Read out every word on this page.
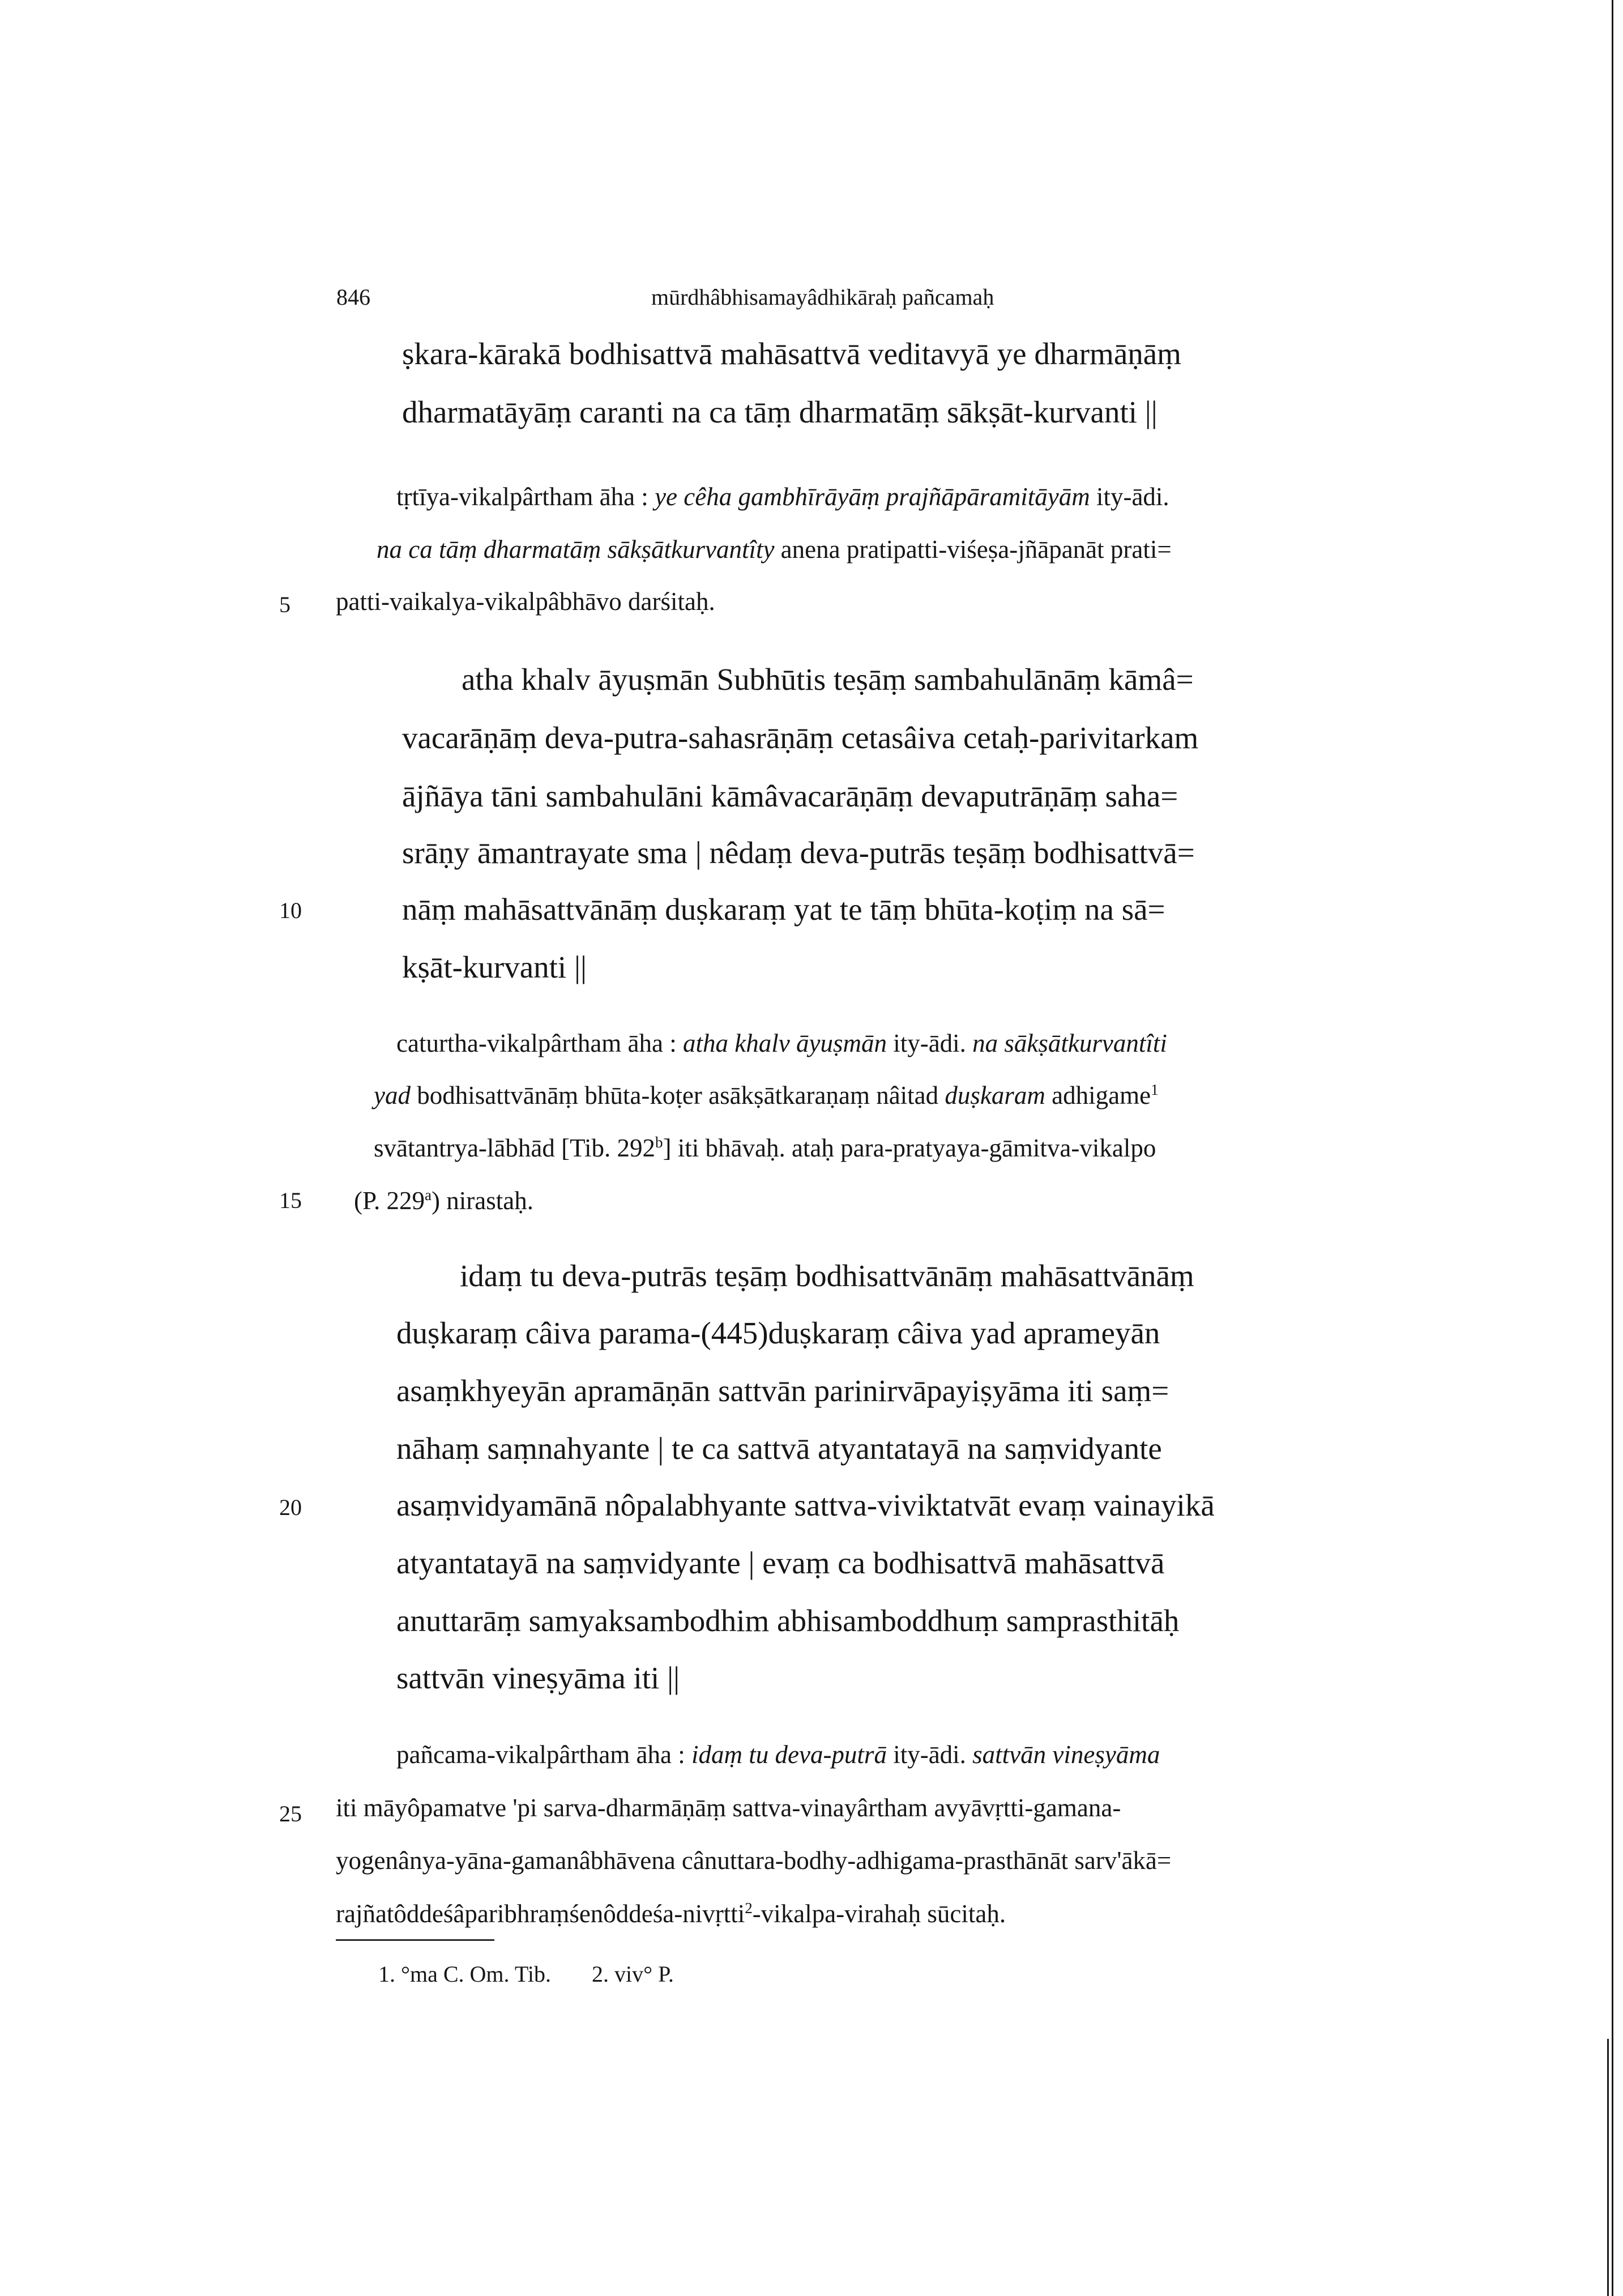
846	mūrdhâbhisamayâdhikāraḥ pañcamaḥ
5
10
15
20
25
ṣkara-kārakā bodhisattvā mahāsattvā veditavyā ye dharmāṇāṃ
dharmatāyāṃ caranti na ca tāṃ dharmatāṃ sākṣāt-kurvanti ||
tṛtīya-vikalpârtham āha : ye cêha gambhīrāyāṃ prajñāpāramitāyām ity-ādi.
na ca tāṃ dharmatāṃ sākṣātkurvantîty anena pratipatti-viśeṣa-jñāpanāt prati=
patti-vaikalya-vikalpâbhāvo darśitaḥ.
atha khalv āyuṣmān Subhūtis teṣāṃ sambahulānāṃ kāmâ=
vacarāṇāṃ deva-putra-sahasrāṇāṃ cetasâiva cetaḥ-parivitarkam
ājñāya tāni sambahulāni kāmâvacarāṇāṃ devaputrāṇāṃ saha=
srāṇy āmantrayate sma | nêdaṃ deva-putrās teṣāṃ bodhisattvā=
nāṃ mahāsattvānāṃ duṣkaraṃ yat te tāṃ bhūta-koṭiṃ na sā=
kṣāt-kurvanti ||
caturtha-vikalpârtham āha : atha khalv āyuṣmān ity-ādi. na sākṣātkurvantîti
yad bodhisattvānāṃ bhūta-koṭer asākṣātkaraṇaṃ nâitad duṣkaram adhigame$^1$
svātantrya-lābhād [Tib. 292$^b$] iti bhāvaḥ. ataḥ para-pratyaya-gāmitva-vikalpo
(P. 229$^a$) nirastaḥ.
idaṃ tu deva-putrās teṣāṃ bodhisattvānāṃ mahāsattvānāṃ
duṣkaraṃ câiva parama-(445)duṣkaraṃ câiva yad aprameyān
asaṃkhyeyān apramāṇān sattvān parinirvāpayiṣyāma iti saṃ=
nāhaṃ saṃnahyante | te ca sattvā atyantatayā na saṃvidyante
asaṃvidyamānā nôpalabhyante sattva-viviktatvāt evaṃ vainayikā
atyantatayā na saṃvidyante | evaṃ ca bodhisattvā mahāsattvā
anuttarāṃ samyaksambodhim abhisamboddhuṃ samprasthitāḥ
sattvān vineṣyāma iti ||
pañcama-vikalpârtham āha : idaṃ tu deva-putrā ity-ādi. sattvān vineṣyāma
iti māyôpamatve 'pi sarva-dharmāṇāṃ sattva-vinayârtham avyāvṛtti-gamana-
yogenânya-yāna-gamanâbhāvena cânuttara-bodhy-adhigama-prasthānāt sarv'ākā=
rajñatôddeśâparibhraṃśenôddeśa-nivṛtti$^2$-vikalpa-virahaḥ sūcitaḥ.
1. °ma C. Om. Tib. 2. viv° P.
